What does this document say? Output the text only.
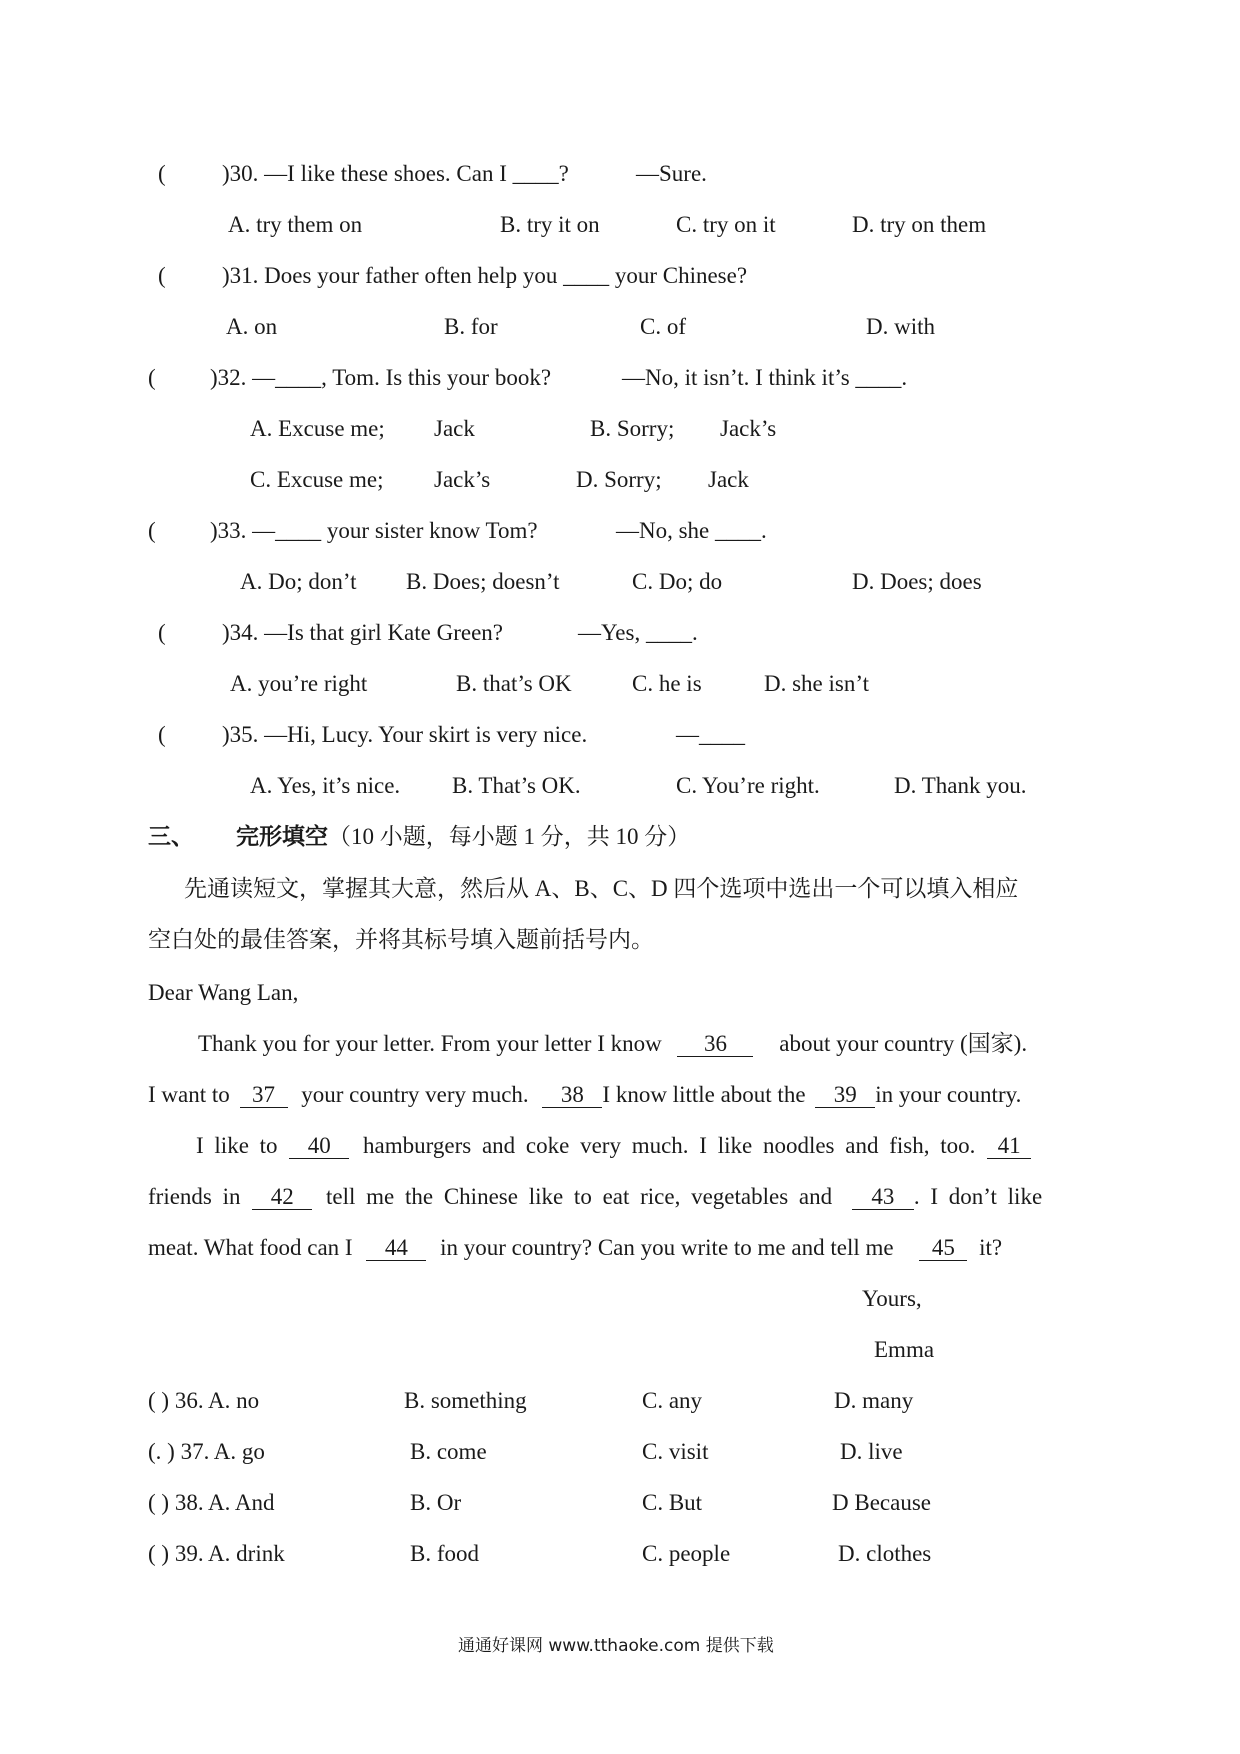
( )30. —I like these shoes. Can I ____?	—Sure.
A. try them on	B. try it on	C. try on it	D. try on them
( )31. Does your father often help you ____ your Chinese?
A. on	B. for	C. of	D. with
( )32. —____, Tom. Is this your book?	—No, it isn’t. I think it’s ____.
A. Excuse me; Jack	B. Sorry; Jack’s
C. Excuse me; Jack’s	D. Sorry; Jack
( )33. —____ your sister know Tom?	—No, she ____.
A. Do; don’t B. Does; doesn’t	C. Do; do	D. Does; does
( )34. —Is that girl Kate Green?	—Yes, ____.
A. you’re right	B. that’s OK	C. he is	D. she isn’t
( )35. —Hi, Lucy. Your skirt is very nice.	—____
A. Yes, it’s nice. B. That’s OK.	C. You’re right.	D. Thank you.
三、 完形填空（10 小题，每小题 1 分，共 10 分）
先通读短文，掌握其大意，然后从 A、B、C、D 四个选项中选出一个可以填入相应
空白处的最佳答案，并将其标号填入题前括号内。
Dear Wang Lan,
Thank you for your letter. From your letter I know 36 about your country (国家).
I want to 37 your country very much. 38 I know little about the 39 in your country.
I like to 40 hamburgers and coke very much. I like noodles and fish, too. 41
friends in 42 tell me the Chinese like to eat rice, vegetables and 43 . I don’t like
meat. What food can I 44 in your country? Can you write to me and tell me 45 it?
Yours,
Emma
( ) 36. A. no	B. something	C. any	D. many
(. ) 37. A. go	B. come	C. visit	D. live
( ) 38. A. And	B. Or	C. But	D Because
( ) 39. A. drink	B. food	C. people	D. clothes
通通好课网 www.tthaoke.com 提供下载
